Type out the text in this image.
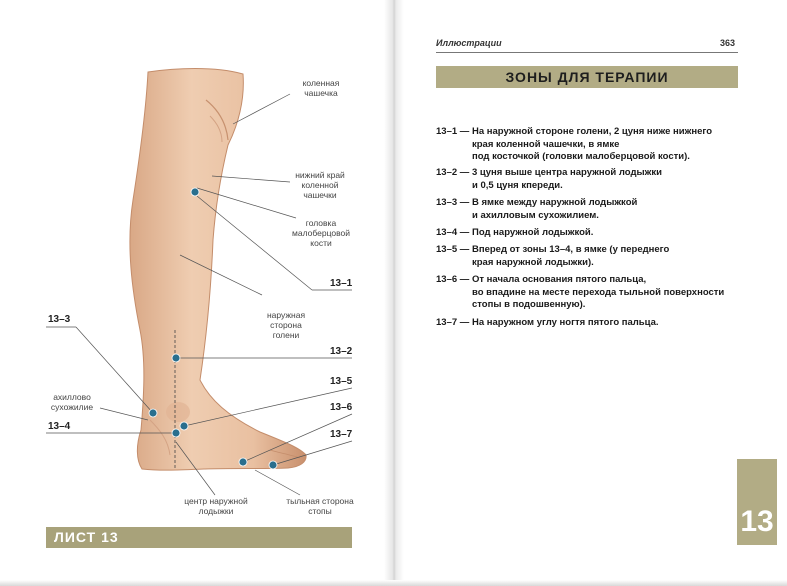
коленная
чашечка
нижний край
коленной
чашечки
головка
малоберцовой
кости
наружная
сторона
голени
ахиллово
сухожилие
центр наружной
лодыжки
тыльная сторона
стопы
13–1
13–2
13–3
13–4
13–5
13–6
13–7
ЛИСТ 13
Иллюстрации	363
ЗОНЫ ДЛЯ ТЕРАПИИ
13–1 — На наружной стороне голени, 2 цуня ниже нижнего
края коленной чашечки, в ямке
под косточкой (головки малоберцовой кости).
13–2 — 3 цуня выше центра наружной лодыжки
и 0,5 цуня кпереди.
13–3 — В ямке между наружной лодыжкой
и ахилловым сухожилием.
13–4 — Под наружной лодыжкой.
13–5 — Вперед от зоны 13–4, в ямке (у переднего
края наружной лодыжки).
13–6 — От начала основания пятого пальца,
во впадине на месте перехода тыльной поверхности
стопы в подошвенную).
13–7 — На наружном углу ногтя пятого пальца.
13
